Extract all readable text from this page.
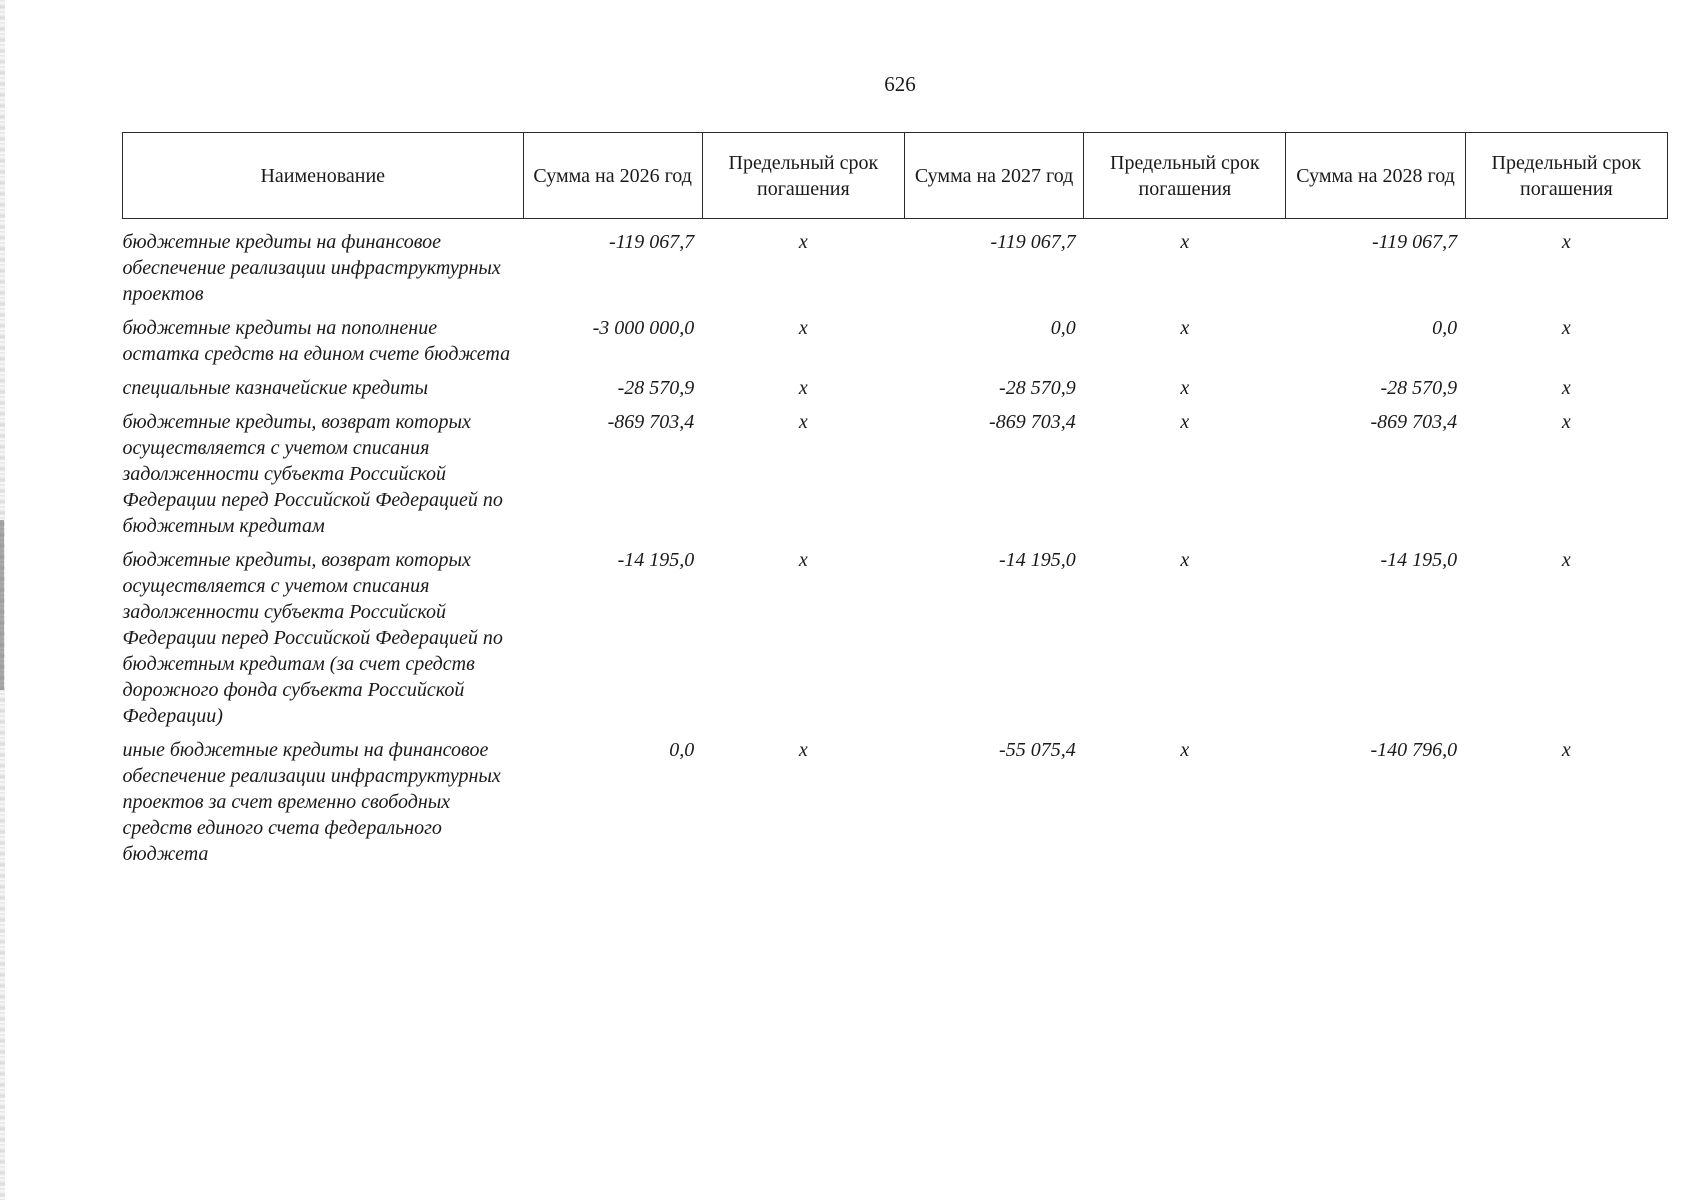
626
Наименование	Сумма на 2026 год	Предельный срок погашения	Сумма на 2027 год	Предельный срок погашения	Сумма на 2028 год	Предельный срок погашения
бюджетные кредиты на финансовое обеспечение реализации инфраструктурных проектов	-119 067,7	x	-119 067,7	x	-119 067,7	x
бюджетные кредиты на пополнение остатка средств на едином счете бюджета	-3 000 000,0	x	0,0	x	0,0	x
специальные казначейские кредиты	-28 570,9	x	-28 570,9	x	-28 570,9	x
бюджетные кредиты, возврат которых осуществляется с учетом списания задолженности субъекта Российской Федерации перед Российской Федерацией по бюджетным кредитам	-869 703,4	x	-869 703,4	x	-869 703,4	x
бюджетные кредиты, возврат которых осуществляется с учетом списания задолженности субъекта Российской Федерации перед Российской Федерацией по бюджетным кредитам (за счет средств дорожного фонда субъекта Российской Федерации)	-14 195,0	x	-14 195,0	x	-14 195,0	x
иные бюджетные кредиты на финансовое обеспечение реализации инфраструктурных проектов за счет временно свободных средств единого счета федерального бюджета	0,0	x	-55 075,4	x	-140 796,0	x
